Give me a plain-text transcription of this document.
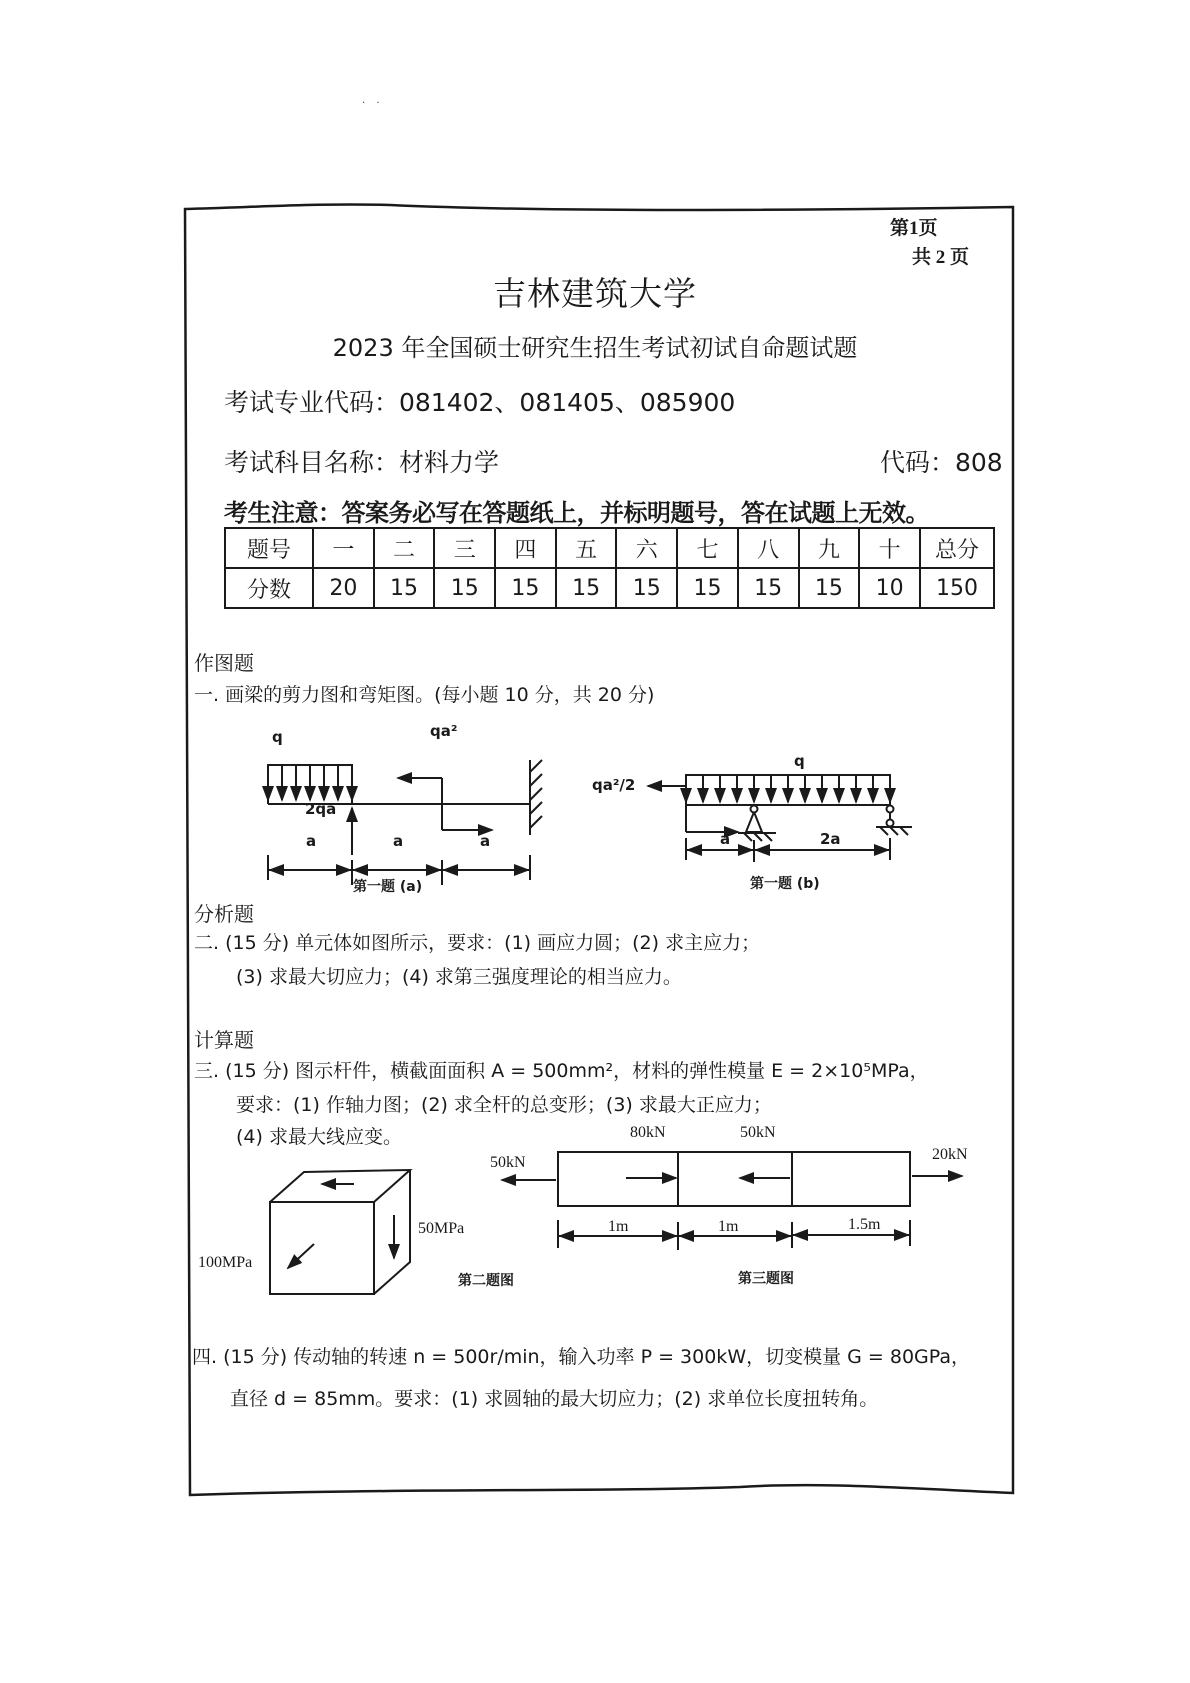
· ·
第1页
共 2 页
吉林建筑大学
2023 年全国硕士研究生招生考试初试自命题试题
考试专业代码：081402、081405、085900
考试科目名称：材料力学	代码：808
考生注意：答案务必写在答题纸上，并标明题号，答在试题上无效。
题号	一	二	三	四	五	六	七	八	九	十	总分
分数	20	15	15	15	15	15	15	15	15	10	150
作图题
一. 画梁的剪力图和弯矩图。(每小题 10 分，共 20 分)
q	qa²
2qa
a	a	a
第一题 (a)
q
qa²/2
a	2a
第一题 (b)
分析题
二. (15 分) 单元体如图所示，要求：(1) 画应力圆；(2) 求主应力；
(3) 求最大切应力；(4) 求第三强度理论的相当应力。
计算题
三. (15 分) 图示杆件，横截面面积 A = 500mm²，材料的弹性模量 E = 2×10⁵MPa，
要求：(1) 作轴力图；(2) 求全杆的总变形；(3) 求最大正应力；
(4) 求最大线应变。
100MPa
50MPa
第二题图
50kN
80kN	50kN
20kN
1m	1m	1.5m
第三题图
四. (15 分) 传动轴的转速 n = 500r/min，输入功率 P = 300kW，切变模量 G = 80GPa，
直径 d = 85mm。要求：(1) 求圆轴的最大切应力；(2) 求单位长度扭转角。
